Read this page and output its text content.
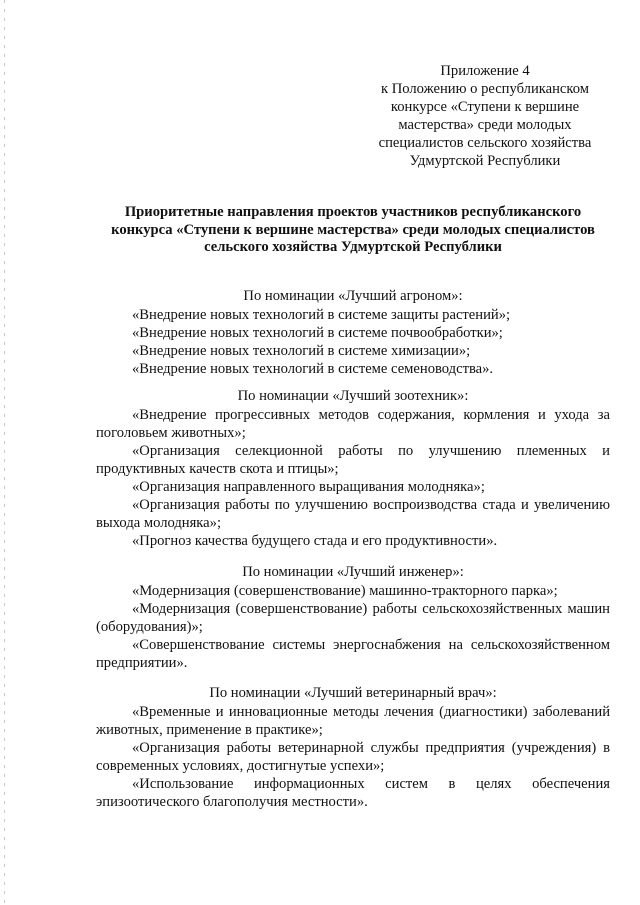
Приложение 4
к Положению о республиканском
конкурсе «Ступени к вершине
мастерства» среди молодых
специалистов сельского хозяйства
Удмуртской Республики
Приоритетные направления проектов участников республиканского
конкурса «Ступени к вершине мастерства» среди молодых специалистов
сельского хозяйства Удмуртской Республики
По номинации «Лучший агроном»:

«Внедрение новых технологий в системе защиты растений»;

«Внедрение новых технологий в системе почвообработки»;

«Внедрение новых технологий в системе химизации»;

«Внедрение новых технологий в системе семеноводства».

По номинации «Лучший зоотехник»:

«Внедрение прогрессивных методов содержания, кормления и ухода за поголовьем животных»;

«Организация селекционной работы по улучшению племенных и продуктивных качеств скота и птицы»;

«Организация направленного выращивания молодняка»;

«Организация работы по улучшению воспроизводства стада и увеличению выхода молодняка»;

«Прогноз качества будущего стада и его продуктивности».

По номинации «Лучший инженер»:

«Модернизация (совершенствование) машинно-тракторного парка»;

«Модернизация (совершенствование) работы сельскохозяйственных машин (оборудования)»;

«Совершенствование системы энергоснабжения на сельскохозяйственном предприятии».

По номинации «Лучший ветеринарный врач»:

«Временные и инновационные методы лечения (диагностики) заболеваний животных, применение в практике»;

«Организация работы ветеринарной службы предприятия (учреждения) в современных условиях, достигнутые успехи»;

«Использование информационных систем в целях обеспечения эпизоотического благополучия местности».
